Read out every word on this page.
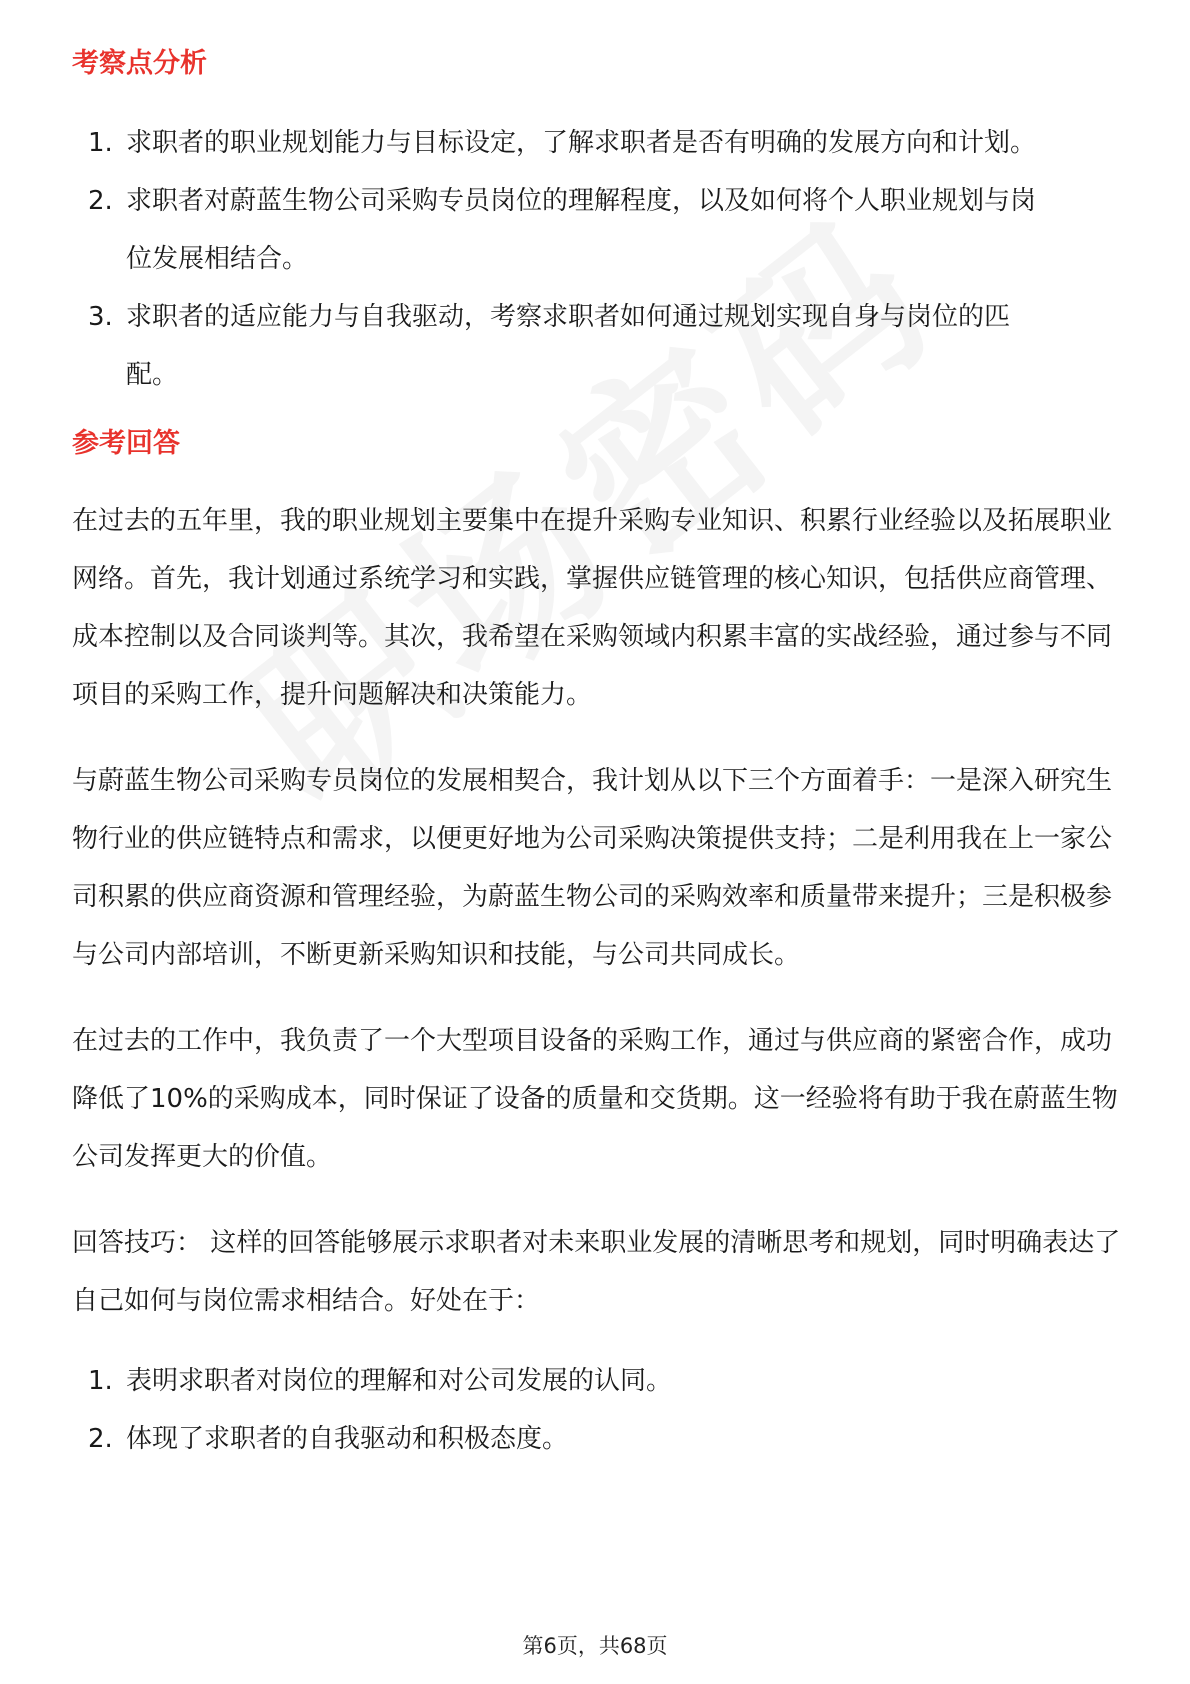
考察点分析
1. 求职者的职业规划能力与目标设定，了解求职者是否有明确的发展方向和计划。
2. 求职者对蔚蓝生物公司采购专员岗位的理解程度，以及如何将个人职业规划与岗位发展相结合。
3. 求职者的适应能力与自我驱动，考察求职者如何通过规划实现自身与岗位的匹配。
参考回答

在过去的五年里，我的职业规划主要集中在提升采购专业知识、积累行业经验以及拓展职业网络。首先，我计划通过系统学习和实践，掌握供应链管理的核心知识，包括供应商管理、成本控制以及合同谈判等。其次，我希望在采购领域内积累丰富的实战经验，通过参与不同项目的采购工作，提升问题解决和决策能力。

与蔚蓝生物公司采购专员岗位的发展相契合，我计划从以下三个方面着手：一是深入研究生物行业的供应链特点和需求，以便更好地为公司采购决策提供支持；二是利用我在上一家公司积累的供应商资源和管理经验，为蔚蓝生物公司的采购效率和质量带来提升；三是积极参与公司内部培训，不断更新采购知识和技能，与公司共同成长。

在过去的工作中，我负责了一个大型项目设备的采购工作，通过与供应商的紧密合作，成功降低了10%的采购成本，同时保证了设备的质量和交货期。这一经验将有助于我在蔚蓝生物公司发挥更大的价值。

回答技巧： 这样的回答能够展示求职者对未来职业发展的清晰思考和规划，同时明确表达了自己如何与岗位需求相结合。好处在于：

1. 表明求职者对岗位的理解和对公司发展的认同。
2. 体现了求职者的自我驱动和积极态度。
第6页，共68页
